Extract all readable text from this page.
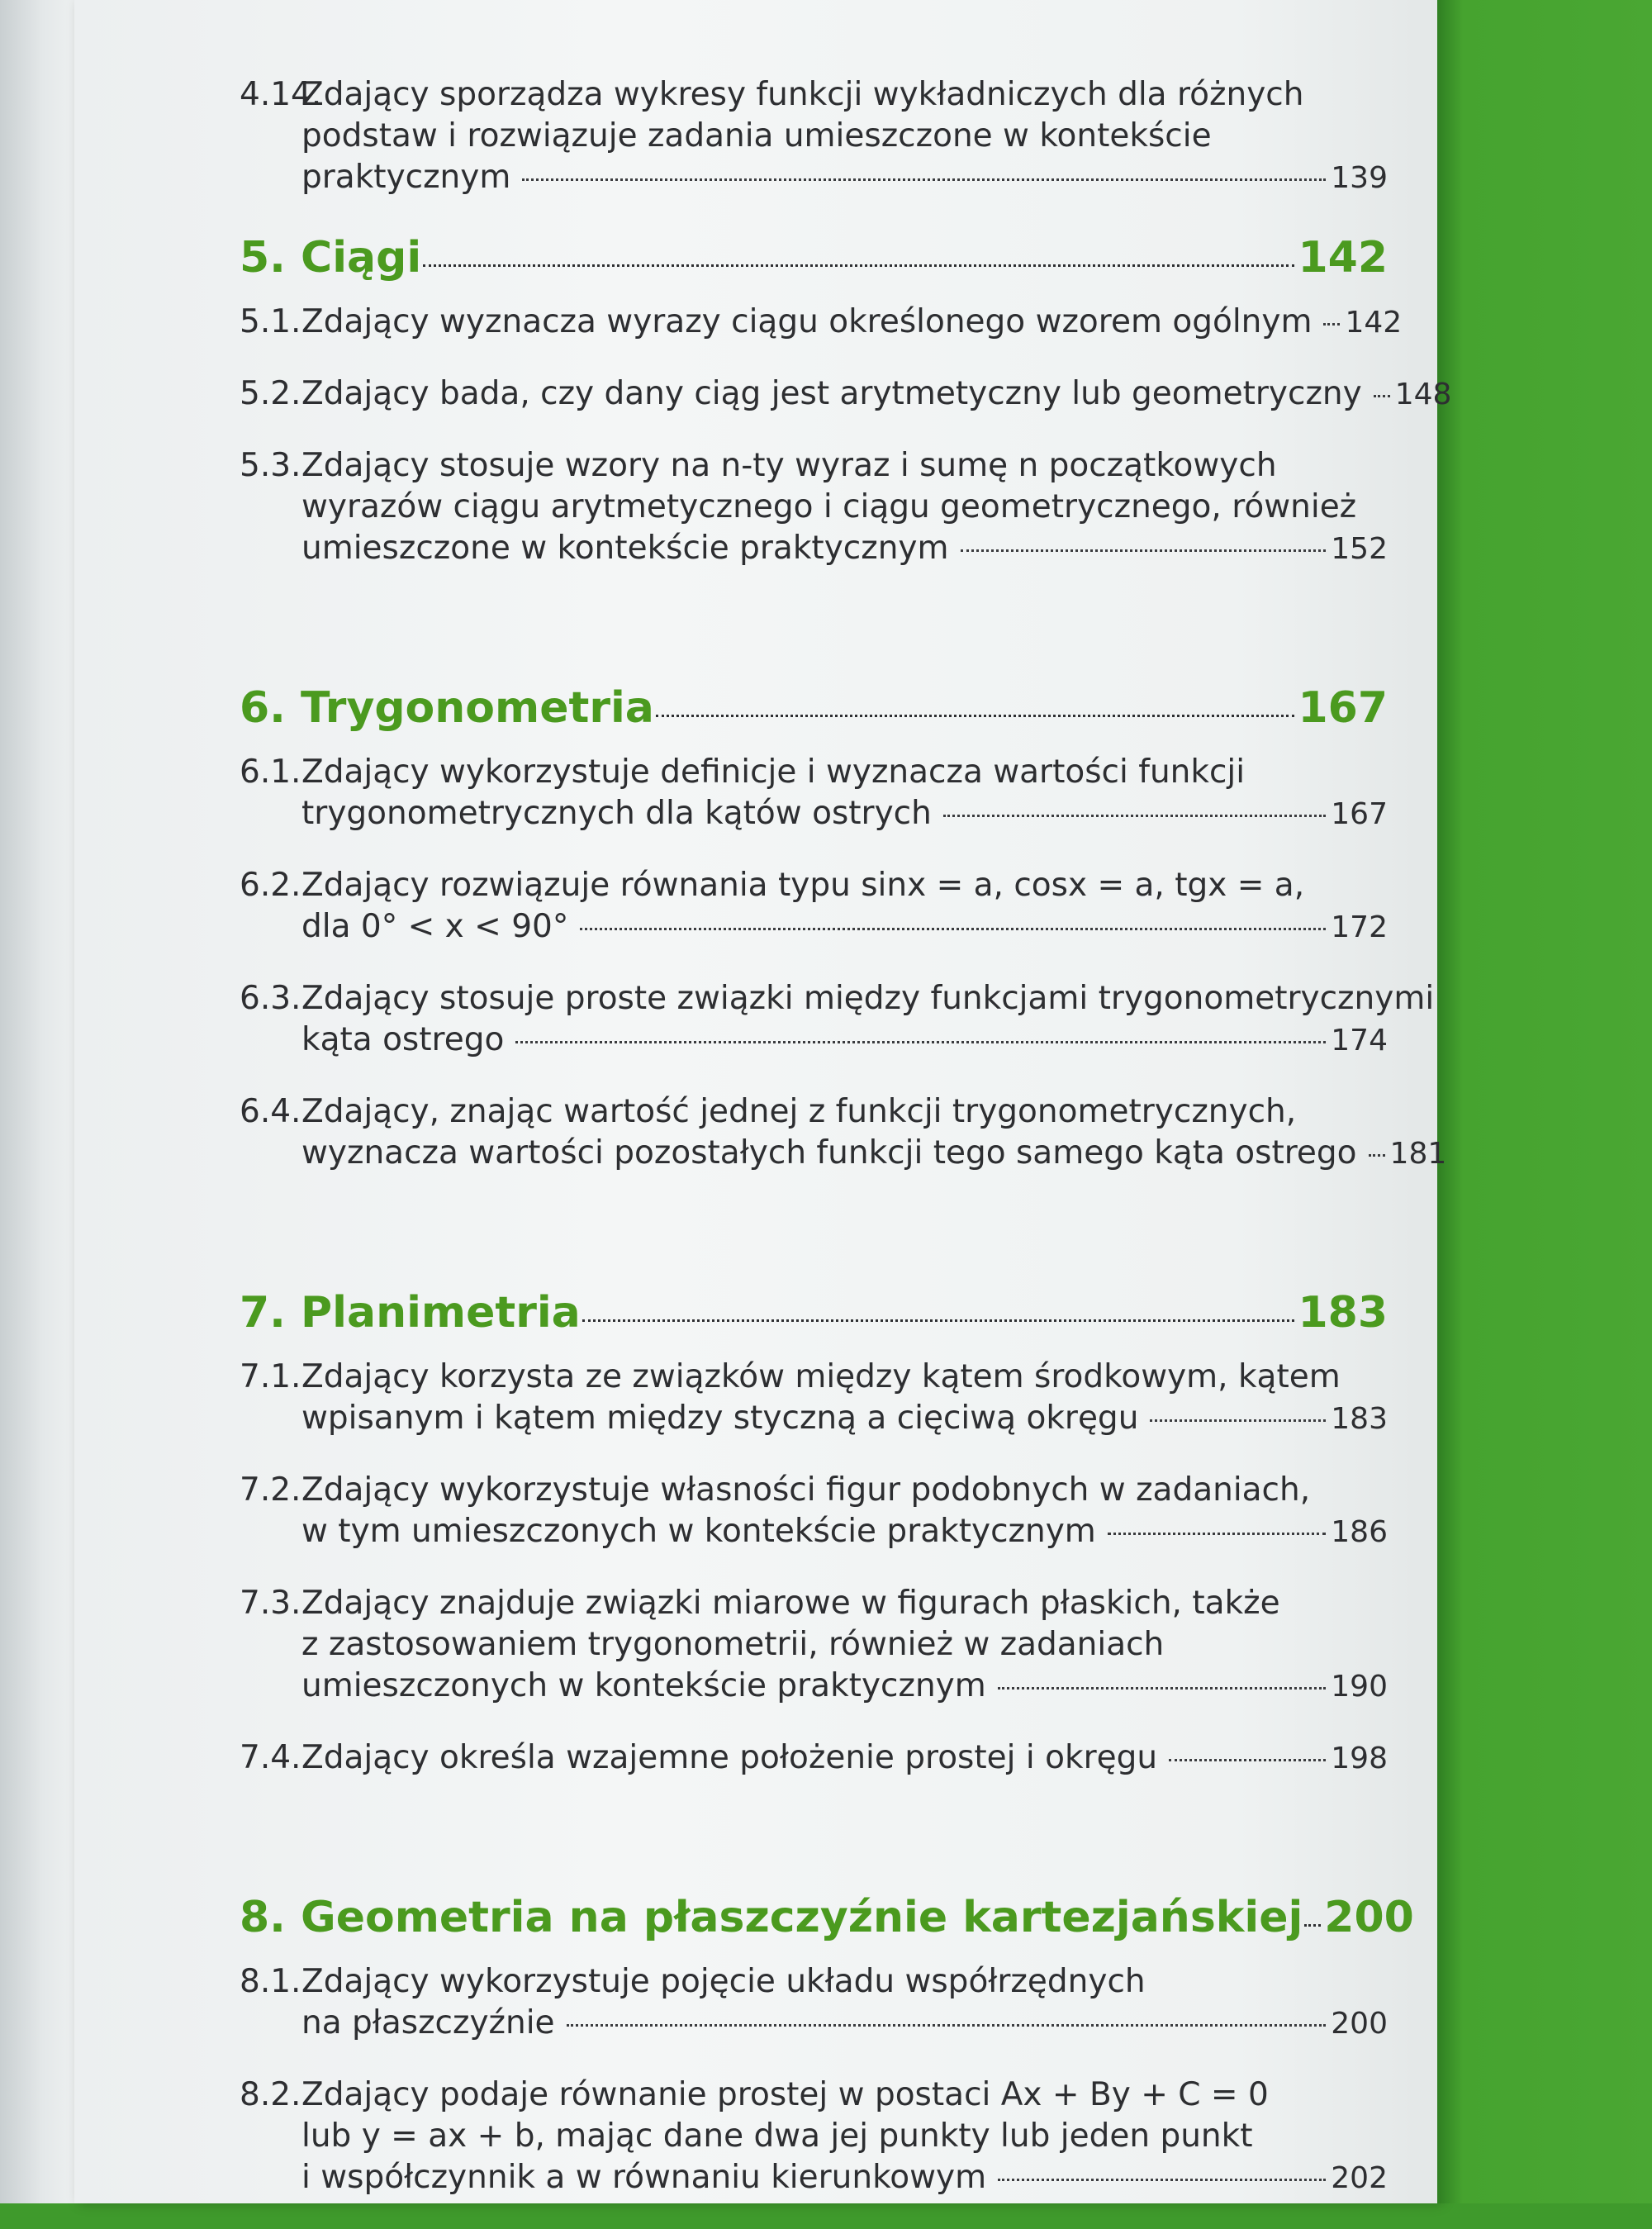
4.14.
Zdający sporządza wykresy funkcji wykładniczych dla różnych
podstaw i rozwiązuje zadania umieszczone w kontekście
praktycznym	139
5. Ciągi	142
5.1. Zdający wyznacza wyrazy ciągu określonego wzorem ogólnym 142
5.2. Zdający bada, czy dany ciąg jest arytmetyczny lub geometryczny 148
5.3. Zdający stosuje wzory na n-ty wyraz i sumę n początkowych
wyrazów ciągu arytmetycznego i ciągu geometrycznego, również
umieszczone w kontekście praktycznym	152
6. Trygonometria	167
6.1. Zdający wykorzystuje definicje i wyznacza wartości funkcji
trygonometrycznych dla kątów ostrych	167
6.2. Zdający rozwiązuje równania typu sinx = a, cosx = a, tgx = a,
dla 0° < x < 90°	172
6.3. Zdający stosuje proste związki między funkcjami trygonometrycznymi
kąta ostrego	174
6.4. Zdający, znając wartość jednej z funkcji trygonometrycznych,
wyznacza wartości pozostałych funkcji tego samego kąta ostrego 181
7. Planimetria	183
7.1. Zdający korzysta ze związków między kątem środkowym, kątem
wpisanym i kątem między styczną a cięciwą okręgu	183
7.2. Zdający wykorzystuje własności figur podobnych w zadaniach,
w tym umieszczonych w kontekście praktycznym	186
7.3. Zdający znajduje związki miarowe w figurach płaskich, także
z zastosowaniem trygonometrii, również w zadaniach
umieszczonych w kontekście praktycznym	190
7.4. Zdający określa wzajemne położenie prostej i okręgu	198
8. Geometria na płaszczyźnie kartezjańskiej 200
8.1. Zdający wykorzystuje pojęcie układu współrzędnych
na płaszczyźnie	200
8.2. Zdający podaje równanie prostej w postaci Ax + By + C = 0
lub y = ax + b, mając dane dwa jej punkty lub jeden punkt
i współczynnik a w równaniu kierunkowym	202
